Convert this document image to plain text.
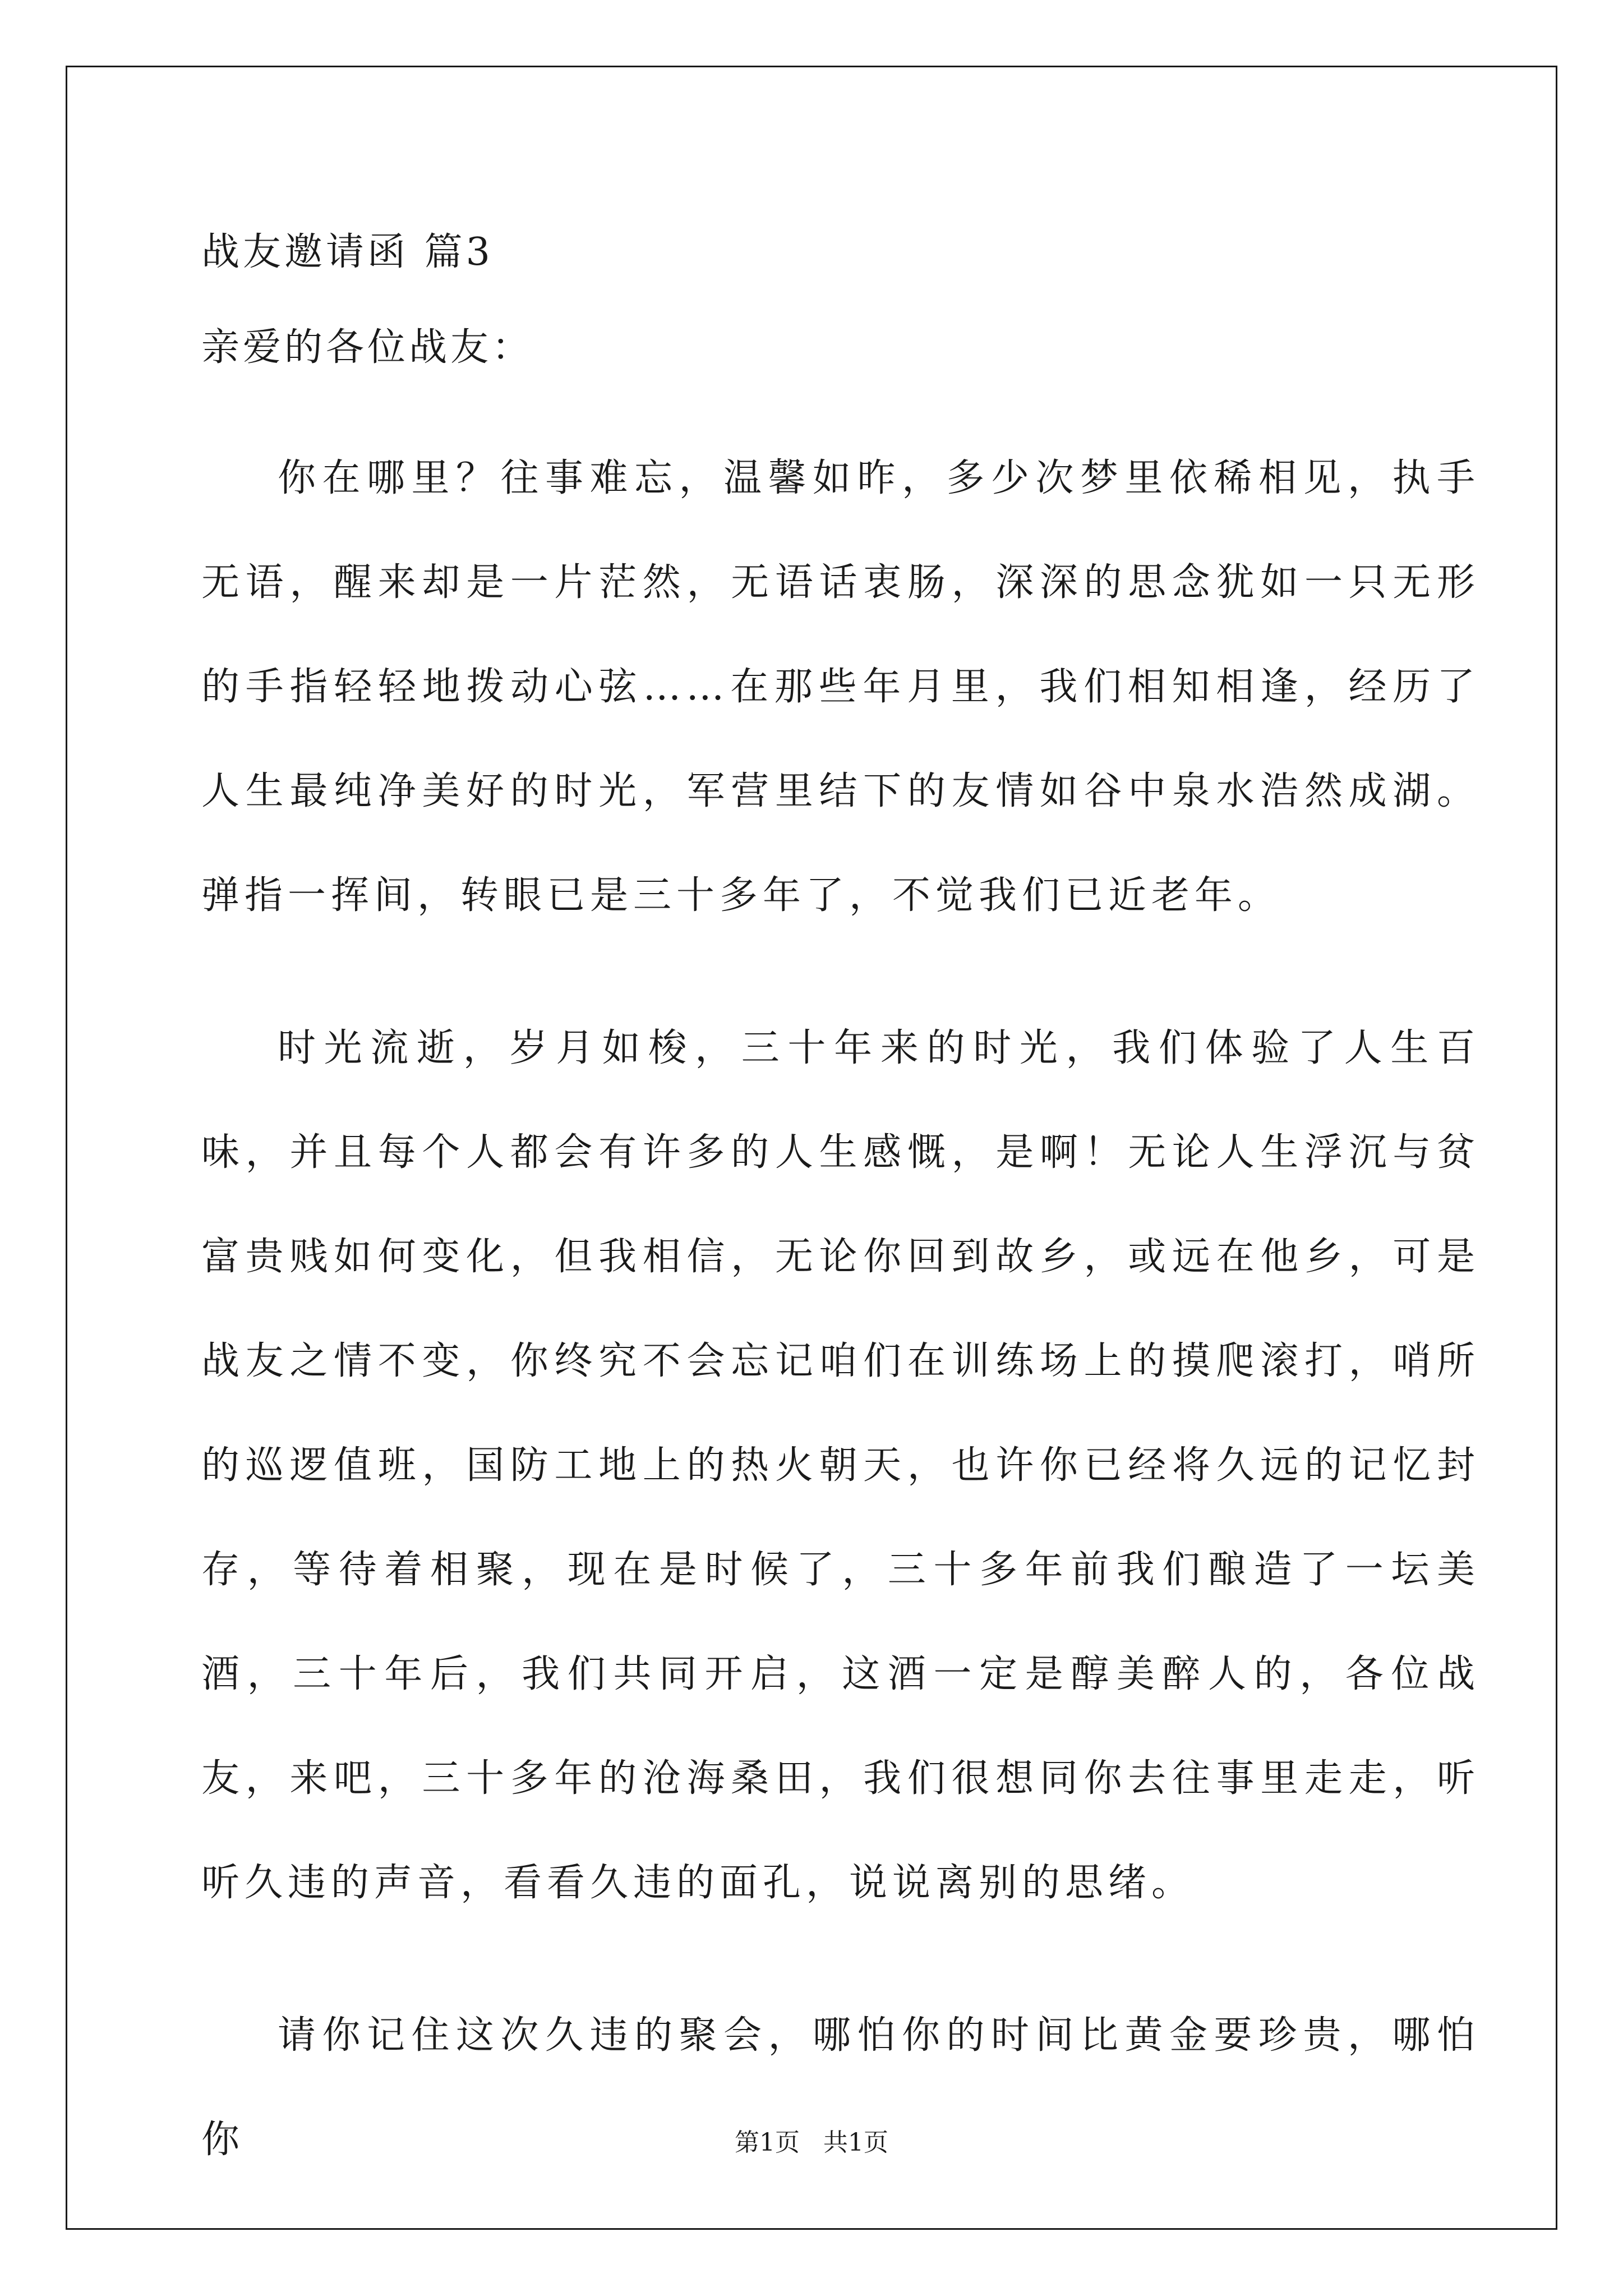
战友邀请函 篇3

亲爱的各位战友：

你在哪里？往事难忘，温馨如昨，多少次梦里依稀相见，执手无语，醒来却是一片茫然，无语话衷肠，深深的思念犹如一只无形的手指轻轻地拨动心弦……在那些年月里，我们相知相逢，经历了人生最纯净美好的时光，军营里结下的友情如谷中泉水浩然成湖。弹指一挥间，转眼已是三十多年了，不觉我们已近老年。

时光流逝，岁月如梭，三十年来的时光，我们体验了人生百味，并且每个人都会有许多的人生感慨，是啊！无论人生浮沉与贫富贵贱如何变化，但我相信，无论你回到故乡，或远在他乡，可是战友之情不变，你终究不会忘记咱们在训练场上的摸爬滚打，哨所的巡逻值班，国防工地上的热火朝天，也许你已经将久远的记忆封存，等待着相聚，现在是时候了，三十多年前我们酿造了一坛美酒，三十年后，我们共同开启，这酒一定是醇美醉人的，各位战友，来吧，三十多年的沧海桑田，我们很想同你去往事里走走，听听久违的声音，看看久违的面孔，说说离别的思绪。

请你记住这次久违的聚会，哪怕你的时间比黄金要珍贵，哪怕你	第1页 共1页
